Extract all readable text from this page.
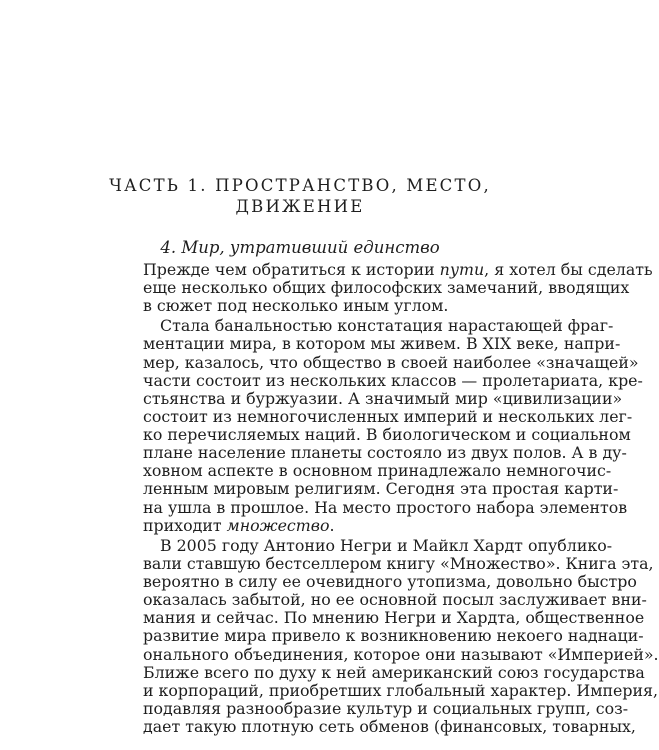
ЧАСТЬ 1. ПРОСТРАНСТВО, МЕСТО,
ДВИЖЕНИЕ
4. Мир, утративший единство
Прежде чем обратиться к истории пути, я хотел бы сделать
еще несколько общих философских замечаний, вводящих
в сюжет под несколько иным углом.
Стала банальностью констатация нарастающей фраг-
ментации мира, в котором мы живем. В XIX веке, напри-
мер, казалось, что общество в своей наиболее «значащей»
части состоит из нескольких классов — пролетариата, кре-
стьянства и буржуазии. А значимый мир «цивилизации»
состоит из немногочисленных империй и нескольких лег-
ко перечисляемых наций. В биологическом и социальном
плане население планеты состояло из двух полов. А в ду-
ховном аспекте в основном принадлежало немногочис-
ленным мировым религиям. Сегодня эта простая карти-
на ушла в прошлое. На место простого набора элементов
приходит множество.
В 2005 году Антонио Негри и Майкл Хардт опублико-
вали ставшую бестселлером книгу «Множество». Книга эта,
вероятно в силу ее очевидного утопизма, довольно быстро
оказалась забытой, но ее основной посыл заслуживает вни-
мания и сейчас. По мнению Негри и Хардта, общественное
развитие мира привело к возникновению некоего наднаци-
онального объединения, которое они называют «Империей».
Ближе всего по духу к ней американский союз государства
и корпораций, приобретших глобальный характер. Империя,
подавляя разнообразие культур и социальных групп, соз-
дает такую плотную сеть обменов (финансовых, товарных,
